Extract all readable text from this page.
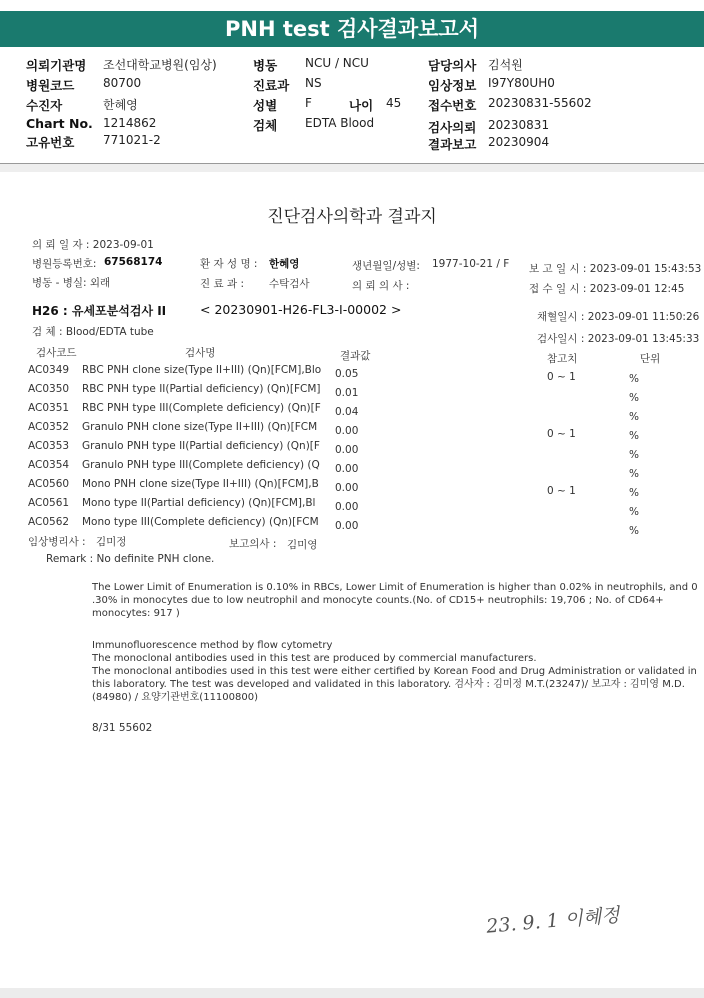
PNH test 검사결과보고서
의뢰기관명 조선대학교병원(임상)
병원코드 80700
수진자	한혜영
Chart No. 1214862
고유번호 771021-2
병동 NCU / NCU
진료과 NS
성별 F
검체 EDTA Blood
담당의사 김석원
임상정보 I97Y80UH0
접수번호 20230831-55602
검사의뢰 20230831
결과보고 20230904
나이 45
진단검사의학과 결과지
의 뢰 일 자 : 2023-09-01
병원등록번호: 67568174	환 자 성 명 : 한혜영	생년월일/성별: 1977-10-21 / F 보 고 일 시 : 2023-09-01 15:43:53
병동 - 병실: 외래	진 료 과 : 수탁검사	의 뢰 의 사 :	접 수 일 시 : 2023-09-01 12:45
H26 : 유세포분석검사 II	< 20230901-H26-FL3-I-00002 >	채혈일시 : 2023-09-01 11:50:26
검 체 : Blood/EDTA tube
검사일시 : 2023-09-01 13:45:33
검사코드	검사명	결과값	참고치	단위
AC0349 RBC PNH clone size(Type II+III) (Qn)[FCM],Blo 0.05	0 ~ 1	%
AC0350 RBC PNH type II(Partial deficiency) (Qn)[FCM] 0.01	%
AC0351 RBC PNH type III(Complete deficiency) (Qn)[F 0.04	%
AC0352 Granulo PNH clone size(Type II+III) (Qn)[FCM 0.00	0 ~ 1	%
AC0353 Granulo PNH type II(Partial deficiency) (Qn)[F 0.00	%
AC0354 Granulo PNH type III(Complete deficiency) (Q 0.00	%
AC0560 Mono PNH clone size(Type II+III) (Qn)[FCM],B 0.00	0 ~ 1	%
AC0561 Mono type II(Partial deficiency) (Qn)[FCM],Bl 0.00	%
AC0562 Mono type III(Complete deficiency) (Qn)[FCM 0.00	%
임상병리사 : 김미정	보고의사 : 김미영
Remark : No definite PNH clone.
The Lower Limit of Enumeration is 0.10% in RBCs, Lower Limit of Enumeration is higher than 0.02% in neutrophils, and 0
.30% in monocytes due to low neutrophil and monocyte counts.(No. of CD15+ neutrophils: 19,706 ; No. of CD64+
monocytes: 917 )
Immunofluorescence method by flow cytometry
The monoclonal antibodies used in this test are produced by commercial manufacturers.
The monoclonal antibodies used in this test were either certified by Korean Food and Drug Administration or validated in
this laboratory. The test was developed and validated in this laboratory. 검사자 : 김미정 M.T.(23247)/ 보고자 : 김미영 M.D.
(84980) / 요양기관번호(11100800)
8/31 55602
23. 9. 1 이혜정
